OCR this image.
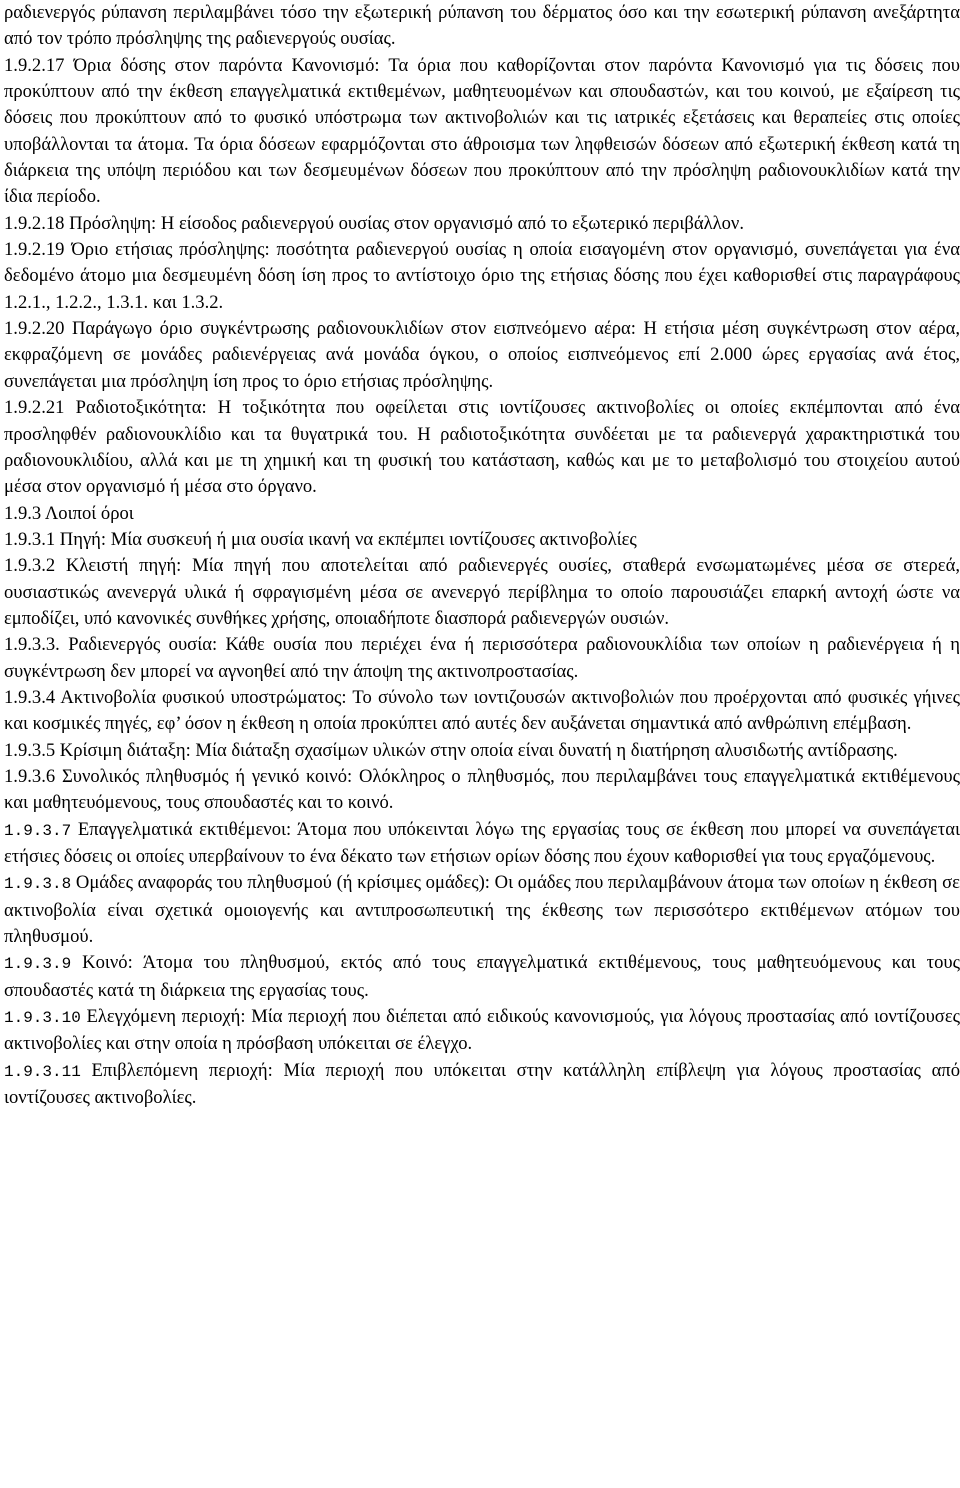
ραδιενεργός ρύπανση περιλαμβάνει τόσο την εξωτερική ρύπανση του δέρματος όσο και την εσωτερική ρύπανση ανεξάρτητα από τον τρόπο πρόσληψης της ραδιενεργούς ουσίας.

1.9.2.17 Όρια δόσης στον παρόντα Κανονισμό: Τα όρια που καθορίζονται στον παρόντα Κανονισμό για τις δόσεις που προκύπτουν από την έκθεση επαγγελματικά εκτιθεμένων, μαθητευομένων και σπουδαστών, και του κοινού, με εξαίρεση τις δόσεις που προκύπτουν από το φυσικό υπόστρωμα των ακτινοβολιών και τις ιατρικές εξετάσεις και θεραπείες στις οποίες υποβάλλονται τα άτομα. Τα όρια δόσεων εφαρμόζονται στο άθροισμα των ληφθεισών δόσεων από εξωτερική έκθεση κατά τη διάρκεια της υπόψη περιόδου και των δεσμευμένων δόσεων που προκύπτουν από την πρόσληψη ραδιονουκλιδίων κατά την ίδια περίοδο.

1.9.2.18 Πρόσληψη: Η είσοδος ραδιενεργού ουσίας στον οργανισμό από το εξωτερικό περιβάλλον.

1.9.2.19 Όριο ετήσιας πρόσληψης: ποσότητα ραδιενεργού ουσίας η οποία εισαγομένη στον οργανισμό, συνεπάγεται για ένα δεδομένο άτομο μια δεσμευμένη δόση ίση προς το αντίστοιχο όριο της ετήσιας δόσης που έχει καθορισθεί στις παραγράφους 1.2.1., 1.2.2., 1.3.1. και 1.3.2.

1.9.2.20 Παράγωγο όριο συγκέντρωσης ραδιονουκλιδίων στον εισπνεόμενο αέρα: Η ετήσια μέση συγκέντρωση στον αέρα, εκφραζόμενη σε μονάδες ραδιενέργειας ανά μονάδα όγκου, ο οποίος εισπνεόμενος επί 2.000 ώρες εργασίας ανά έτος, συνεπάγεται μια πρόσληψη ίση προς το όριο ετήσιας πρόσληψης.

1.9.2.21 Ραδιοτοξικότητα: Η τοξικότητα που οφείλεται στις ιοντίζουσες ακτινοβολίες οι οποίες εκπέμπονται από ένα προσληφθέν ραδιονουκλίδιο και τα θυγατρικά του. Η ραδιοτοξικότητα συνδέεται με τα ραδιενεργά χαρακτηριστικά του ραδιονουκλιδίου, αλλά και με τη χημική και τη φυσική του κατάσταση, καθώς και με το μεταβολισμό του στοιχείου αυτού μέσα στον οργανισμό ή μέσα στο όργανο.

1.9.3 Λοιποί όροι

1.9.3.1 Πηγή: Μία συσκευή ή μια ουσία ικανή να εκπέμπει ιοντίζουσες ακτινοβολίες

1.9.3.2 Κλειστή πηγή: Μία πηγή που αποτελείται από ραδιενεργές ουσίες, σταθερά ενσωματωμένες μέσα σε στερεά, ουσιαστικώς ανενεργά υλικά ή σφραγισμένη μέσα σε ανενεργό περίβλημα το οποίο παρουσιάζει επαρκή αντοχή ώστε να εμποδίζει, υπό κανονικές συνθήκες χρήσης, οποιαδήποτε διασπορά ραδιενεργών ουσιών.

1.9.3.3. Ραδιενεργός ουσία: Κάθε ουσία που περιέχει ένα ή περισσότερα ραδιονουκλίδια των οποίων η ραδιενέργεια ή η συγκέντρωση δεν μπορεί να αγνοηθεί από την άποψη της ακτινοπροστασίας.

1.9.3.4 Ακτινοβολία φυσικού υποστρώματος: Το σύνολο των ιοντιζουσών ακτινοβολιών που προέρχονται από φυσικές γήινες και κοσμικές πηγές, εφ’ όσον η έκθεση η οποία προκύπτει από αυτές δεν αυξάνεται σημαντικά από ανθρώπινη επέμβαση.

1.9.3.5 Κρίσιμη διάταξη: Μία διάταξη σχασίμων υλικών στην οποία είναι δυνατή η διατήρηση αλυσιδωτής αντίδρασης.

1.9.3.6 Συνολικός πληθυσμός ή γενικό κοινό: Ολόκληρος ο πληθυσμός, που περιλαμβάνει τους επαγγελματικά εκτιθέμενους και μαθητευόμενους, τους σπουδαστές και το κοινό.

1.9.3.7 Επαγγελματικά εκτιθέμενοι: Άτομα που υπόκεινται λόγω της εργασίας τους σε έκθεση που μπορεί να συνεπάγεται ετήσιες δόσεις οι οποίες υπερβαίνουν το ένα δέκατο των ετήσιων ορίων δόσης που έχουν καθορισθεί για τους εργαζόμενους.

1.9.3.8 Ομάδες αναφοράς του πληθυσμού (ή κρίσιμες ομάδες): Οι ομάδες που περιλαμβάνουν άτομα των οποίων η έκθεση σε ακτινοβολία είναι σχετικά ομοιογενής και αντιπροσωπευτική της έκθεσης των περισσότερο εκτιθέμενων ατόμων του πληθυσμού.

1.9.3.9 Κοινό: Άτομα του πληθυσμού, εκτός από τους επαγγελματικά εκτιθέμενους, τους μαθητευόμενους και τους σπουδαστές κατά τη διάρκεια της εργασίας τους.

1.9.3.10 Ελεγχόμενη περιοχή: Μία περιοχή που διέπεται από ειδικούς κανονισμούς, για λόγους προστασίας από ιοντίζουσες ακτινοβολίες και στην οποία η πρόσβαση υπόκειται σε έλεγχο.

1.9.3.11 Επιβλεπόμενη περιοχή: Μία περιοχή που υπόκειται στην κατάλληλη επίβλεψη για λόγους προστασίας από ιοντίζουσες ακτινοβολίες.
